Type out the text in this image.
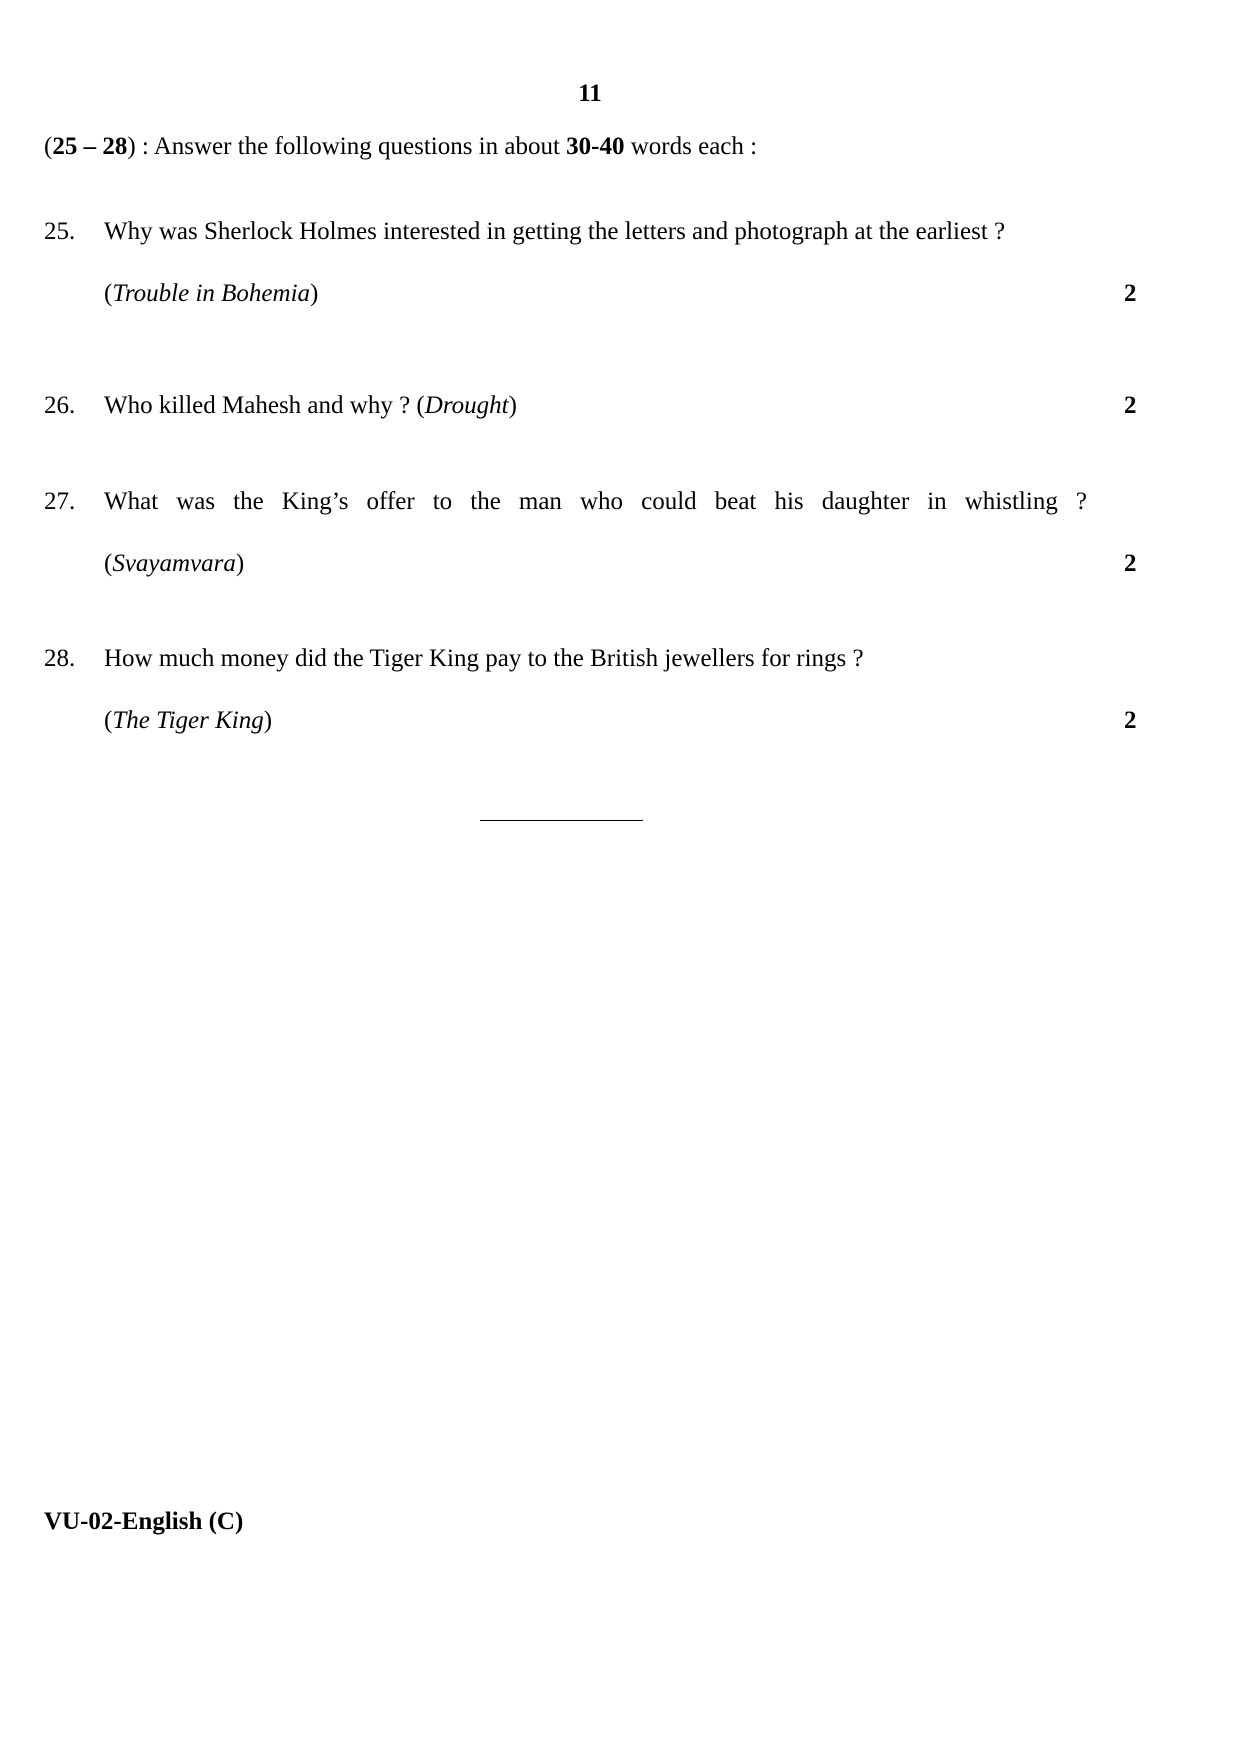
11
(25 – 28) : Answer the following questions in about 30-40 words each :
25. Why was Sherlock Holmes interested in getting the letters and photograph at the earliest ?
(Trouble in Bohemia)	2
26. Who killed Mahesh and why ? (Drought)	2
27. What was the King’s offer to the man who could beat his daughter in whistling ?
(Svayamvara)	2
28. How much money did the Tiger King pay to the British jewellers for rings ?
(The Tiger King)	2
VU-02-English (C)
